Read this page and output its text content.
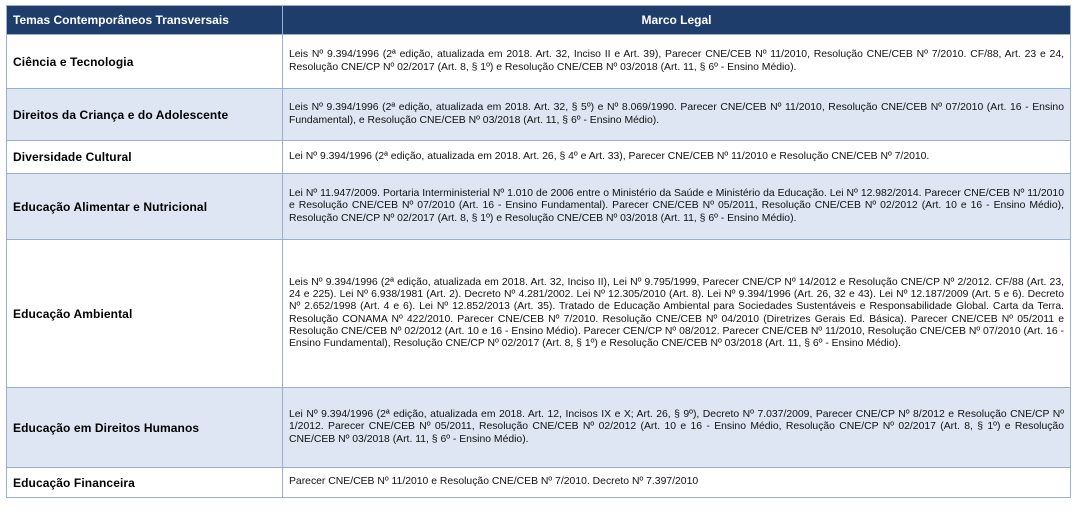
Temas Contemporâneos Transversais	Marco Legal
Ciência e Tecnologia	Leis Nº 9.394/1996 (2ª edição, atualizada em 2018. Art. 32, Inciso II e Art. 39), Parecer CNE/CEB Nº 11/2010, Resolução CNE/CEB Nº 7/2010. CF/88, Art. 23 e 24, Resolução CNE/CP Nº 02/2017 (Art. 8, § 1º) e Resolução CNE/CEB Nº 03/2018 (Art. 11, § 6º - Ensino Médio).
Direitos da Criança e do Adolescente	Leis Nº 9.394/1996 (2ª edição, atualizada em 2018. Art. 32, § 5º) e Nº 8.069/1990. Parecer CNE/CEB Nº 11/2010, Resolução CNE/CEB Nº 07/2010 (Art. 16 - Ensino Fundamental), e Resolução CNE/CEB Nº 03/2018 (Art. 11, § 6º - Ensino Médio).
Diversidade Cultural	Lei Nº 9.394/1996 (2ª edição, atualizada em 2018. Art. 26, § 4º e Art. 33), Parecer CNE/CEB Nº 11/2010 e Resolução CNE/CEB Nº 7/2010.
Educação Alimentar e Nutricional	Lei Nº 11.947/2009. Portaria Interministerial Nº 1.010 de 2006 entre o Ministério da Saúde e Ministério da Educação. Lei Nº 12.982/2014. Parecer CNE/CEB Nº 11/2010 e Resolução CNE/CEB Nº 07/2010 (Art. 16 - Ensino Fundamental). Parecer CNE/CEB Nº 05/2011, Resolução CNE/CEB Nº 02/2012 (Art. 10 e 16 - Ensino Médio), Resolução CNE/CP Nº 02/2017 (Art. 8, § 1º) e Resolução CNE/CEB Nº 03/2018 (Art. 11, § 6º - Ensino Médio).
Educação Ambiental	Leis Nº 9.394/1996 (2ª edição, atualizada em 2018. Art. 32, Inciso II), Lei Nº 9.795/1999, Parecer CNE/CP Nº 14/2012 e Resolução CNE/CP Nº 2/2012. CF/88 (Art. 23, 24 e 225). Lei Nº 6.938/1981 (Art. 2). Decreto Nº 4.281/2002. Lei Nº 12.305/2010 (Art. 8). Lei Nº 9.394/1996 (Art. 26, 32 e 43). Lei Nº 12.187/2009 (Art. 5 e 6). Decreto Nº 2.652/1998 (Art. 4 e 6). Lei Nº 12.852/2013 (Art. 35). Tratado de Educação Ambiental para Sociedades Sustentáveis e Responsabilidade Global. Carta da Terra. Resolução CONAMA Nº 422/2010. Parecer CNE/CEB Nº 7/2010. Resolução CNE/CEB Nº 04/2010 (Diretrizes Gerais Ed. Básica). Parecer CNE/CEB Nº 05/2011 e Resolução CNE/CEB Nº 02/2012 (Art. 10 e 16 - Ensino Médio). Parecer CEN/CP Nº 08/2012. Parecer CNE/CEB Nº 11/2010, Resolução CNE/CEB Nº 07/2010 (Art. 16 - Ensino Fundamental), Resolução CNE/CP Nº 02/2017 (Art. 8, § 1º) e Resolução CNE/CEB Nº 03/2018 (Art. 11, § 6º - Ensino Médio).
Educação em Direitos Humanos	Lei Nº 9.394/1996 (2ª edição, atualizada em 2018. Art. 12, Incisos IX e X; Art. 26, § 9º), Decreto Nº 7.037/2009, Parecer CNE/CP Nº 8/2012 e Resolução CNE/CP Nº 1/2012. Parecer CNE/CEB Nº 05/2011, Resolução CNE/CEB Nº 02/2012 (Art. 10 e 16 - Ensino Médio, Resolução CNE/CP Nº 02/2017 (Art. 8, § 1º) e Resolução CNE/CEB Nº 03/2018 (Art. 11, § 6º - Ensino Médio).
Educação Financeira	Parecer CNE/CEB Nº 11/2010 e Resolução CNE/CEB Nº 7/2010. Decreto Nº 7.397/2010
